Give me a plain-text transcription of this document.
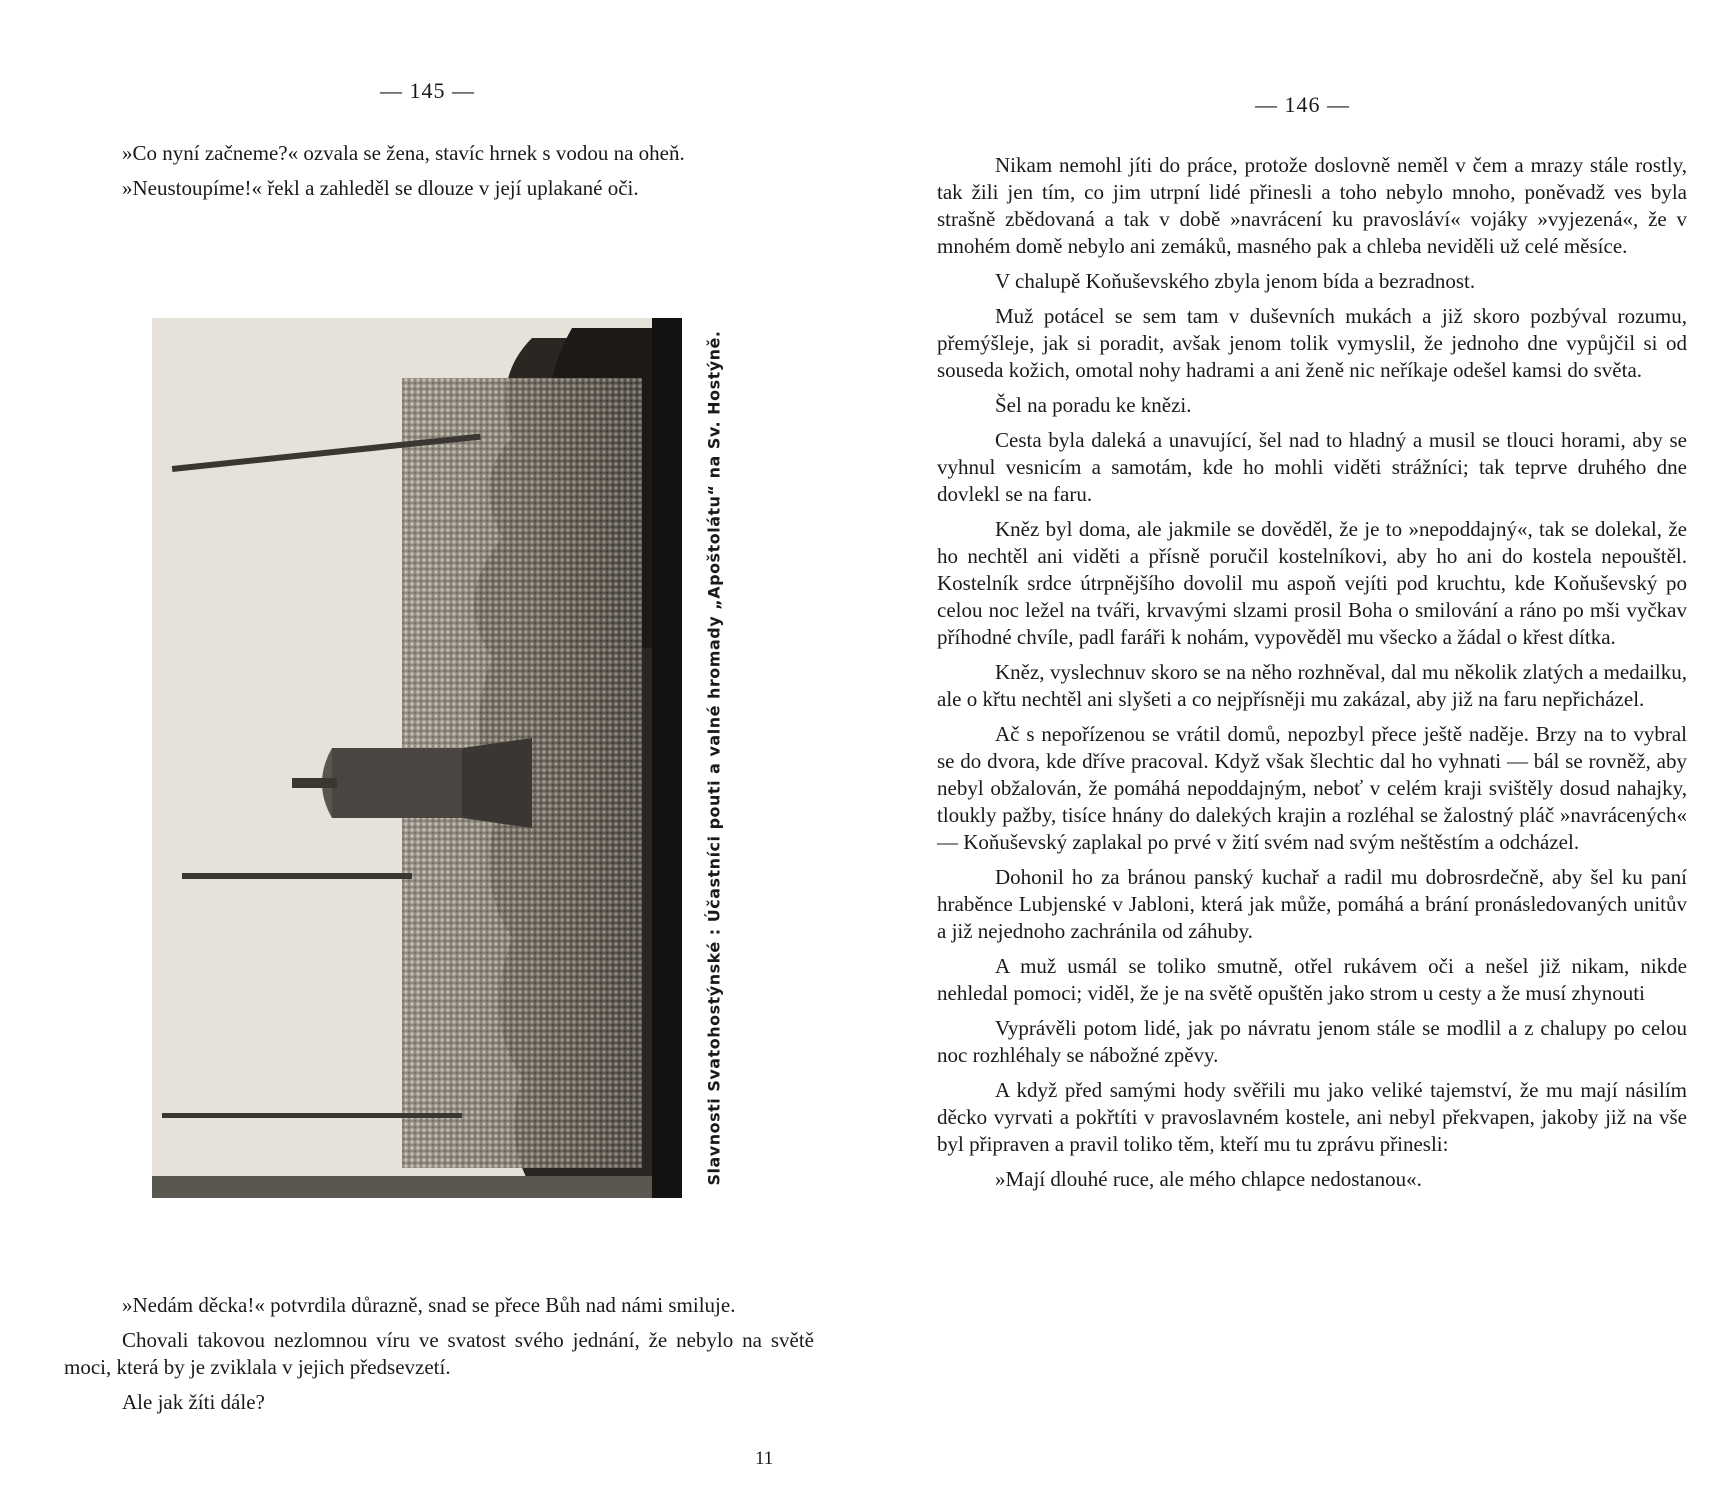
— 145 —

»Co nyní začneme?« ozvala se žena, stavíc hrnek s vodou na oheň.

»Neustoupíme!« řekl a zahleděl se dlouze v její uplakané oči.

Slavnosti Svatohostýnské : Účastníci pouti a valné hromady „Apoštolátu“ na Sv. Hostýně.

»Nedám děcka!« potvrdila důrazně, snad se přece Bůh nad námi smiluje.

Chovali takovou nezlomnou víru ve svatost svého jednání, že nebylo na světě moci, která by je zviklala v jejich předsevzetí.

Ale jak žíti dále?

11
— 146 —

Nikam nemohl jíti do práce, protože doslovně neměl v čem a mrazy stále rostly, tak žili jen tím, co jim utrpní lidé přinesli a toho nebylo mnoho, poněvadž ves byla strašně zbědovaná a tak v době »navrácení ku pravosláví« vojáky »vyjezená«, že v mnohém domě nebylo ani zemáků, masného pak a chleba neviděli už celé měsíce.

V chalupě Koňuševského zbyla jenom bída a bezradnost.

Muž potácel se sem tam v duševních mukách a již skoro pozbýval rozumu, přemýšleje, jak si poradit, avšak jenom tolik vymyslil, že jednoho dne vypůjčil si od souseda kožich, omotal nohy hadrami a ani ženě nic neříkaje odešel kamsi do světa.

Šel na poradu ke knězi.

Cesta byla daleká a unavující, šel nad to hladný a musil se tlouci horami, aby se vyhnul vesnicím a samotám, kde ho mohli viděti strážníci; tak teprve druhého dne dovlekl se na faru.

Kněz byl doma, ale jakmile se dověděl, že je to »nepoddajný«, tak se dolekal, že ho nechtěl ani viděti a přísně poručil kostelníkovi, aby ho ani do kostela nepouštěl. Kostelník srdce útrpnějšího dovolil mu aspoň vejíti pod kruchtu, kde Koňuševský po celou noc ležel na tváři, krvavými slzami prosil Boha o smilování a ráno po mši vyčkav příhodné chvíle, padl faráři k nohám, vypověděl mu všecko a žádal o křest dítka.

Kněz, vyslechnuv skoro se na něho rozhněval, dal mu několik zlatých a medailku, ale o křtu nechtěl ani slyšeti a co nejpřísněji mu zakázal, aby již na faru nepřicházel.

Ač s nepořízenou se vrátil domů, nepozbyl přece ještě naděje. Brzy na to vybral se do dvora, kde dříve pracoval. Když však šlechtic dal ho vyhnati — bál se rovněž, aby nebyl obžalován, že pomáhá nepoddajným, neboť v celém kraji svištěly dosud nahajky, tloukly pažby, tisíce hnány do dalekých krajin a rozléhal se žalostný pláč »navrácených« — Koňuševský zaplakal po prvé v žití svém nad svým neštěstím a odcházel.

Dohonil ho za bránou panský kuchař a radil mu dobrosrdečně, aby šel ku paní hraběnce Lubjenské v Jabloni, která jak může, pomáhá a brání pronásledovaných unitův a již nejednoho zachránila od záhuby.

A muž usmál se toliko smutně, otřel rukávem oči a nešel již nikam, nikde nehledal pomoci; viděl, že je na světě opuštěn jako strom u cesty a že musí zhynouti

Vyprávěli potom lidé, jak po návratu jenom stále se modlil a z chalupy po celou noc rozhléhaly se nábožné zpěvy.

A když před samými hody svěřili mu jako veliké tajemství, že mu mají násilím děcko vyrvati a pokřtíti v pravoslavném kostele, ani nebyl překvapen, jakoby již na vše byl připraven a pravil toliko těm, kteří mu tu zprávu přinesli:

»Mají dlouhé ruce, ale mého chlapce nedostanou«.
